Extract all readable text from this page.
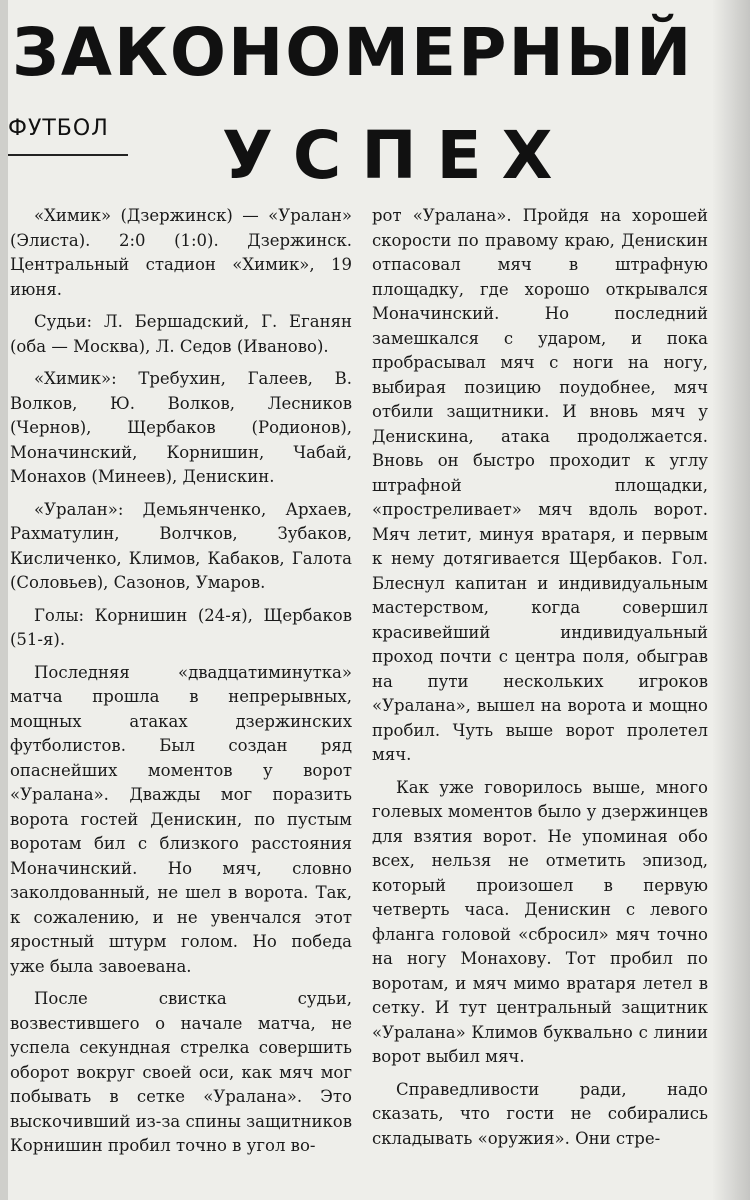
ЗАКОНОМЕРНЫЙ
ФУТБОЛ УСПЕХ

«Химик» (Дзержинск) — «Уралан» (Элиста). 2:0 (1:0). Дзержинск. Центральный стадион «Химик», 19 июня.

Судьи: Л. Бершадский, Г. Еганян (оба — Москва), Л. Седов (Иваново).

«Химик»: Требухин, Галеев, В. Волков, Ю. Волков, Лесников (Чернов), Щербаков (Родионов), Моначинский, Корнишин, Чабай, Монахов (Минеев), Денискин.

«Уралан»: Демьянченко, Архаев, Рахматулин, Волчков, Зубаков, Кисличенко, Климов, Кабаков, Галота (Соловьев), Сазонов, Умаров.

Голы: Корнишин (24-я), Щербаков (51-я).

Последняя «двадцатиминутка» матча прошла в непрерывных, мощных атаках дзержинских футболистов. Был создан ряд опаснейших моментов у ворот «Уралана». Дважды мог поразить ворота гостей Денискин, по пустым воротам бил с близкого расстояния Моначинский. Но мяч, словно заколдованный, не шел в ворота. Так, к сожалению, и не увенчался этот яростный штурм голом. Но победа уже была завоевана.

После свистка судьи, возвестившего о начале матча, не успела секундная стрелка совершить оборот вокруг своей оси, как мяч мог побывать в сетке «Уралана». Это выскочивший из-за спины защитников Корнишин пробил точно в угол во-

рот «Уралана». Пройдя на хорошей скорости по правому краю, Денискин отпасовал мяч в штрафную площадку, где хорошо открывался Моначинский. Но последний замешкался с ударом, и пока пробрасывал мяч с ноги на ногу, выбирая позицию поудобнее, мяч отбили защитники. И вновь мяч у Денискина, атака продолжается. Вновь он быстро проходит к углу штрафной площадки, «простреливает» мяч вдоль ворот. Мяч летит, минуя вратаря, и первым к нему дотягивается Щербаков. Гол. Блеснул капитан и индивидуальным мастерством, когда совершил красивейший индивидуальный проход почти с центра поля, обыграв на пути нескольких игроков «Уралана», вышел на ворота и мощно пробил. Чуть выше ворот пролетел мяч.

Как уже говорилось выше, много голевых моментов было у дзержинцев для взятия ворот. Не упоминая обо всех, нельзя не отметить эпизод, который произошел в первую четверть часа. Денискин с левого фланга головой «сбросил» мяч точно на ногу Монахову. Тот пробил по воротам, и мяч мимо вратаря летел в сетку. И тут центральный защитник «Уралана» Климов буквально с линии ворот выбил мяч.

Справедливости ради, надо сказать, что гости не собирались складывать «оружия». Они стре-
